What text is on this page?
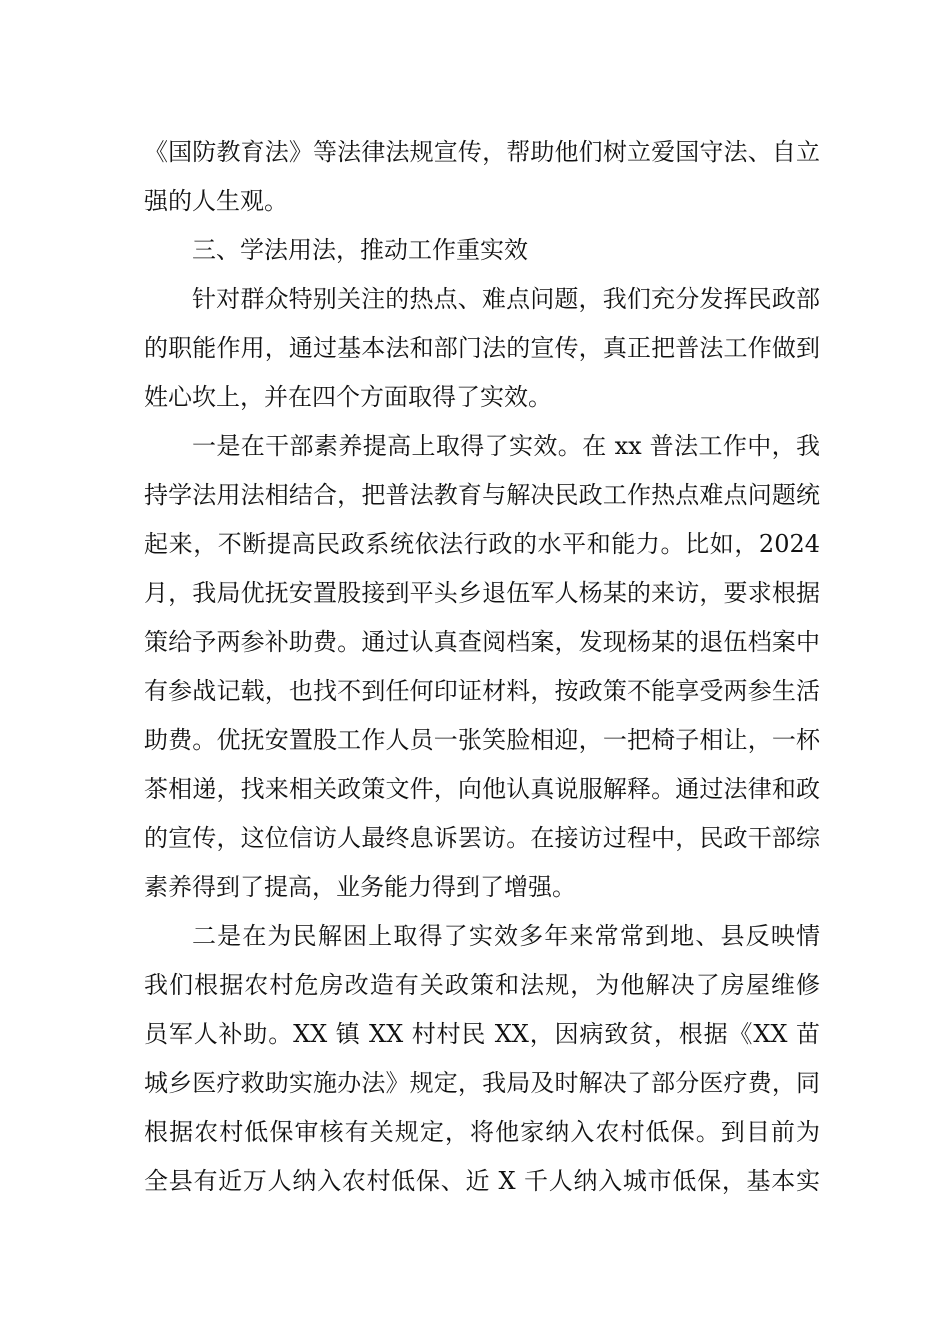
《国防教育法》等法律法规宣传，帮助他们树立爱国守法、自立
强的人生观。
三、学法用法，推动工作重实效
针对群众特别关注的热点、难点问题，我们充分发挥民政部
的职能作用，通过基本法和部门法的宣传，真正把普法工作做到
姓心坎上，并在四个方面取得了实效。
一是在干部素养提高上取得了实效。在 xx 普法工作中，我
持学法用法相结合，把普法教育与解决民政工作热点难点问题统
起来，不断提高民政系统依法行政的水平和能力。比如，2024
月，我局优抚安置股接到平头乡退伍军人杨某的来访，要求根据
策给予两参补助费。通过认真查阅档案，发现杨某的退伍档案中
有参战记载，也找不到任何印证材料，按政策不能享受两参生活
助费。优抚安置股工作人员一张笑脸相迎，一把椅子相让，一杯
茶相递，找来相关政策文件，向他认真说服解释。通过法律和政
的宣传，这位信访人最终息诉罢访。在接访过程中，民政干部综
素养得到了提高，业务能力得到了增强。
二是在为民解困上取得了实效多年来常常到地、县反映情
我们根据农村危房改造有关政策和法规，为他解决了房屋维修
员军人补助。XX 镇 XX 村村民 XX，因病致贫，根据《XX 苗
城乡医疗救助实施办法》规定，我局及时解决了部分医疗费，同
根据农村低保审核有关规定，将他家纳入农村低保。到目前为
全县有近万人纳入农村低保、近 X 千人纳入城市低保，基本实
